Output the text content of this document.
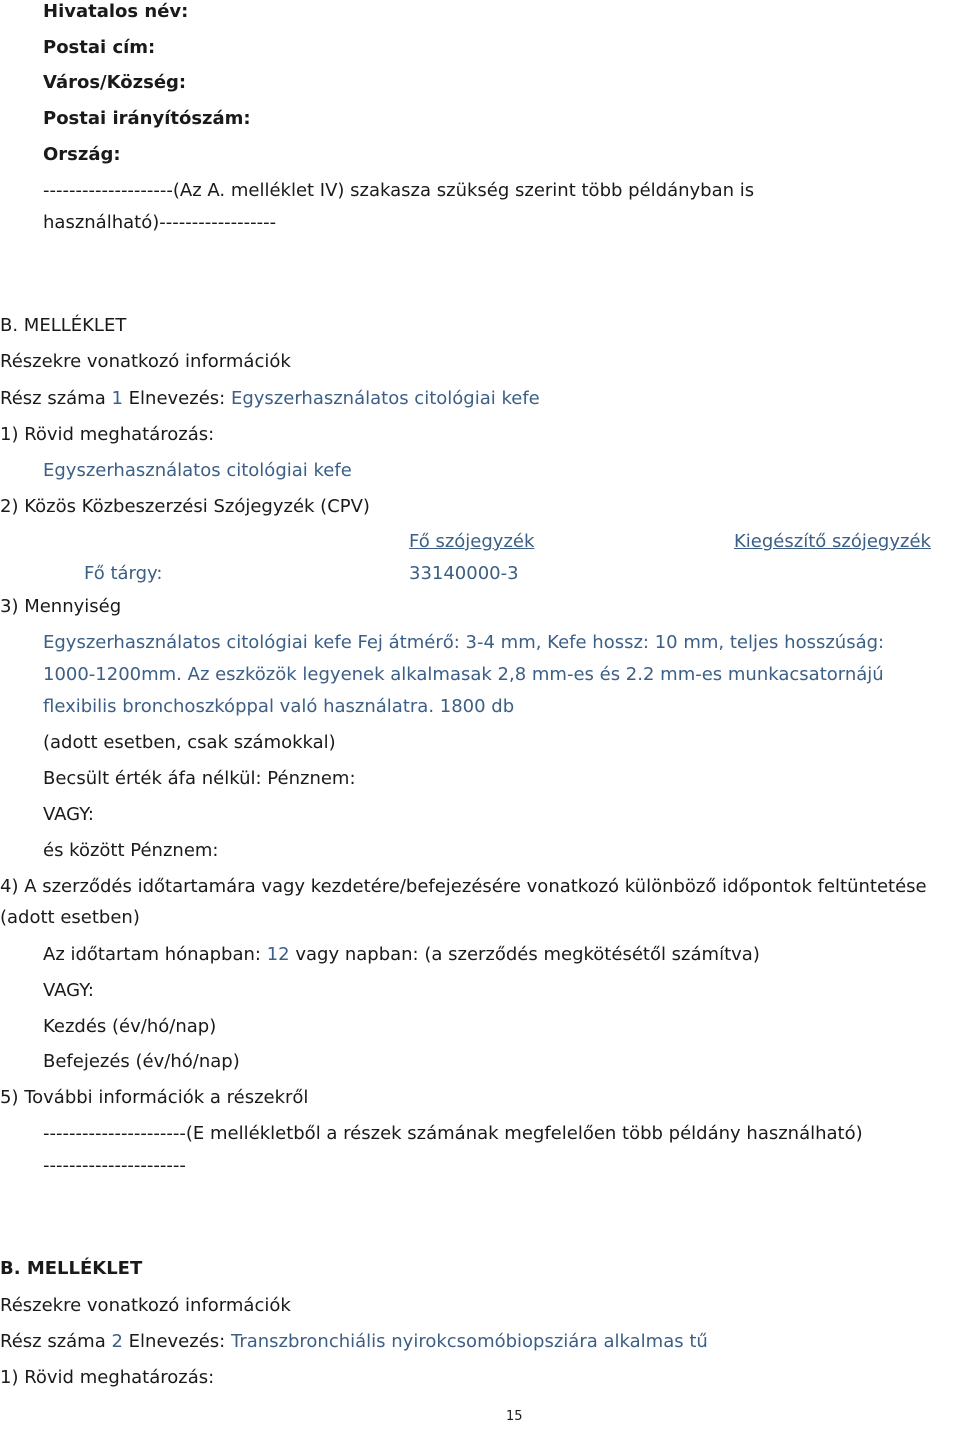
Hivatalos név:
Postai cím:
Város/Község:
Postai irányítószám:
Ország:
--------------------(Az A. melléklet IV) szakasza szükség szerint több példányban is
használható)------------------
B. MELLÉKLET
Részekre vonatkozó információk
Rész száma 1 Elnevezés: Egyszerhasználatos citológiai kefe
1) Rövid meghatározás:
Egyszerhasználatos citológiai kefe
2) Közös Közbeszerzési Szójegyzék (CPV)
Fő szójegyzék	Kiegészítő szójegyzék
Fő tárgy:	33140000-3
3) Mennyiség
Egyszerhasználatos citológiai kefe Fej átmérő: 3-4 mm, Kefe hossz: 10 mm, teljes hosszúság:
1000-1200mm. Az eszközök legyenek alkalmasak 2,8 mm-es és 2.2 mm-es munkacsatornájú
flexibilis bronchoszkóppal való használatra. 1800 db
(adott esetben, csak számokkal)
Becsült érték áfa nélkül: Pénznem:
VAGY:
és között Pénznem:
4) A szerződés időtartamára vagy kezdetére/befejezésére vonatkozó különböző időpontok feltüntetése
(adott esetben)
Az időtartam hónapban: 12 vagy napban: (a szerződés megkötésétől számítva)
VAGY:
Kezdés (év/hó/nap)
Befejezés (év/hó/nap)
5) További információk a részekről
----------------------(E mellékletből a részek számának megfelelően több példány használható)
----------------------
B. MELLÉKLET
Részekre vonatkozó információk
Rész száma 2 Elnevezés: Transzbronchiális nyirokcsomóbiopsziára alkalmas tű
1) Rövid meghatározás:
15
